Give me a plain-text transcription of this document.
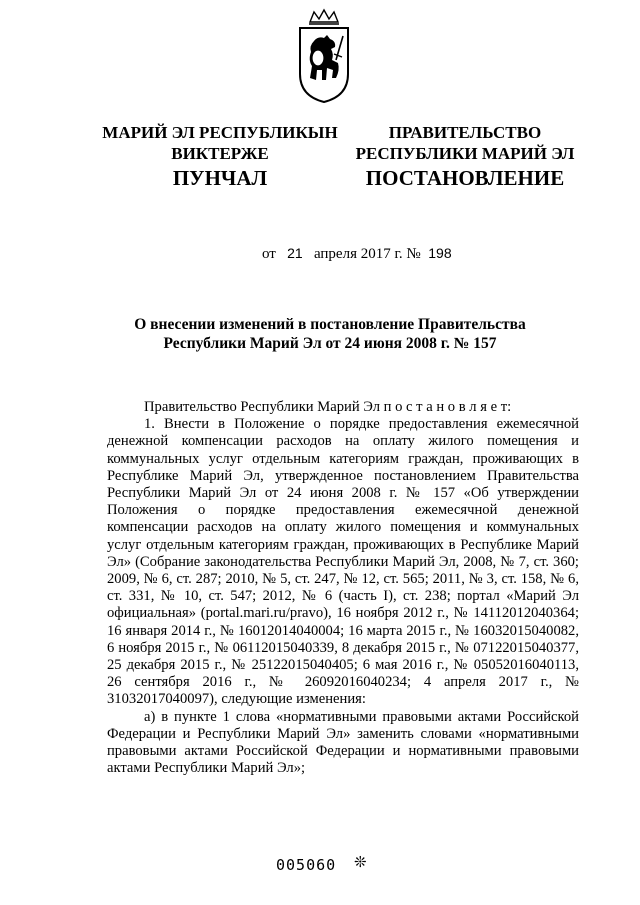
МАРИЙ ЭЛ РЕСПУБЛИКЫН
ВИКТЕРЖЕ
ПРАВИТЕЛЬСТВО
РЕСПУБЛИКИ МАРИЙ ЭЛ
ПУНЧАЛ	ПОСТАНОВЛЕНИЕ
от 21 апреля 2017 г. № 198
О внесении изменений в постановление Правительства
Республики Марий Эл от 24 июня 2008 г. № 157

Правительство Республики Марий Эл п о с т а н о в л я е т:

1. Внести в Положение о порядке предоставления ежемесячной денежной компенсации расходов на оплату жилого помещения и коммунальных услуг отдельным категориям граждан, проживающих в Республике Марий Эл, утвержденное постановлением Правительства Республики Марий Эл от 24 июня 2008 г. № 157 «Об утверждении Положения о порядке предоставления ежемесячной денежной компенсации расходов на оплату жилого помещения и коммунальных услуг отдельным категориям граждан, проживающих в Республике Марий Эл» (Собрание законодательства Республики Марий Эл, 2008, № 7, ст. 360; 2009, № 6, ст. 287; 2010, № 5, ст. 247, № 12, ст. 565; 2011, № 3, ст. 158, № 6, ст. 331, № 10, ст. 547; 2012, № 6 (часть I), ст. 238; портал «Марий Эл официальная» (portal.mari.ru/pravo), 16 ноября 2012 г., № 14112012040364; 16 января 2014 г., № 16012014040004; 16 марта 2015 г., № 16032015040082, 6 ноября 2015 г., № 06112015040339, 8 декабря 2015 г., № 07122015040377, 25 декабря 2015 г., № 25122015040405; 6 мая 2016 г., № 05052016040113, 26 сентября 2016 г., № 26092016040234; 4 апреля 2017 г., № 31032017040097), следующие изменения:

а) в пункте 1 слова «нормативными правовыми актами Российской Федерации и Республики Марий Эл» заменить словами «нормативными правовыми актами Российской Федерации и нормативными правовыми актами Республики Марий Эл»;

005060 ❊
